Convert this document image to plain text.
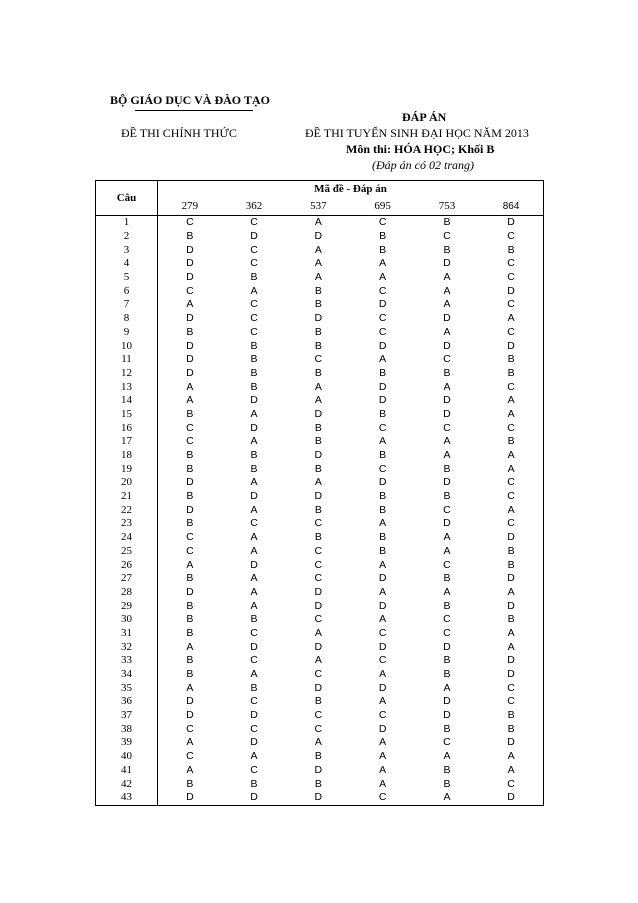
BỘ GIÁO DỤC VÀ ĐÀO TẠO
ĐỀ THI CHÍNH THỨC
ĐÁP ÁN
ĐỀ THI TUYỂN SINH ĐẠI HỌC NĂM 2013
Môn thi: HÓA HỌC; Khối B
(Đáp án có 02 trang)
Câu	Mã đề - Đáp án					
	279	362	537	695	753	864
1	C	C	A	C	B	D
2	B	D	D	B	C	C
3	D	C	A	B	B	B
4	D	C	A	A	D	C
5	D	B	A	A	A	C
6	C	A	B	C	A	D
7	A	C	B	D	A	C
8	D	C	D	C	D	A
9	B	C	B	C	A	C
10	D	B	B	D	D	D
11	D	B	C	A	C	B
12	D	B	B	B	B	B
13	A	B	A	D	A	C
14	A	D	A	D	D	A
15	B	A	D	B	D	A
16	C	D	B	C	C	C
17	C	A	B	A	A	B
18	B	B	D	B	A	A
19	B	B	B	C	B	A
20	D	A	A	D	D	C
21	B	D	D	B	B	C
22	D	A	B	B	C	A
23	B	C	C	A	D	C
24	C	A	B	B	A	D
25	C	A	C	B	A	B
26	A	D	C	A	C	B
27	B	A	C	D	B	D
28	D	A	D	A	A	A
29	B	A	D	D	B	D
30	B	B	C	A	C	B
31	B	C	A	C	C	A
32	A	D	D	D	D	A
33	B	C	A	C	B	D
34	B	A	C	A	B	D
35	A	B	D	D	A	C
36	D	C	B	A	D	C
37	D	D	C	C	D	B
38	C	C	C	D	B	B
39	A	D	A	A	C	D
40	C	A	B	A	A	A
41	A	C	D	A	B	A
42	B	B	B	A	B	C
43	D	D	D	C	A	D
